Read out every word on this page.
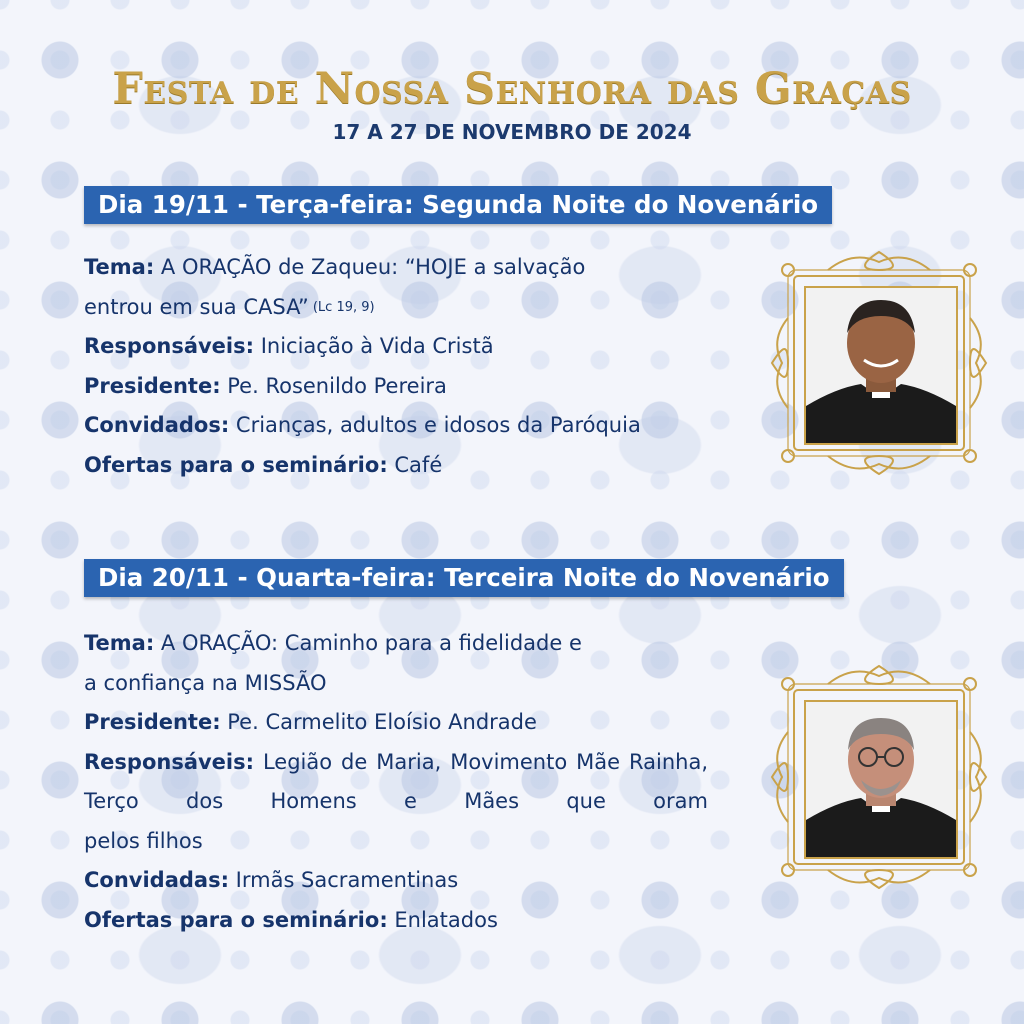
Festa de Nossa Senhora das Graças
17 A 27 DE NOVEMBRO DE 2024
Dia 19/11 - Terça-feira: Segunda Noite do Novenário
Tema: A ORAÇÃO de Zaqueu: “HOJE a salvação
entrou em sua CASA” (Lc 19, 9)
Responsáveis: Iniciação à Vida Cristã
Presidente: Pe. Rosenildo Pereira
Convidados: Crianças, adultos e idosos da Paróquia
Ofertas para o seminário: Café
Dia 20/11 - Quarta-feira: Terceira Noite do Novenário
Tema: A ORAÇÃO: Caminho para a fidelidade e
a confiança na MISSÃO
Presidente: Pe. Carmelito Eloísio Andrade
Responsáveis: Legião de Maria, Movimento Mãe Rainha, Terço dos Homens e Mães que oram
pelos filhos
Convidadas: Irmãs Sacramentinas
Ofertas para o seminário: Enlatados
